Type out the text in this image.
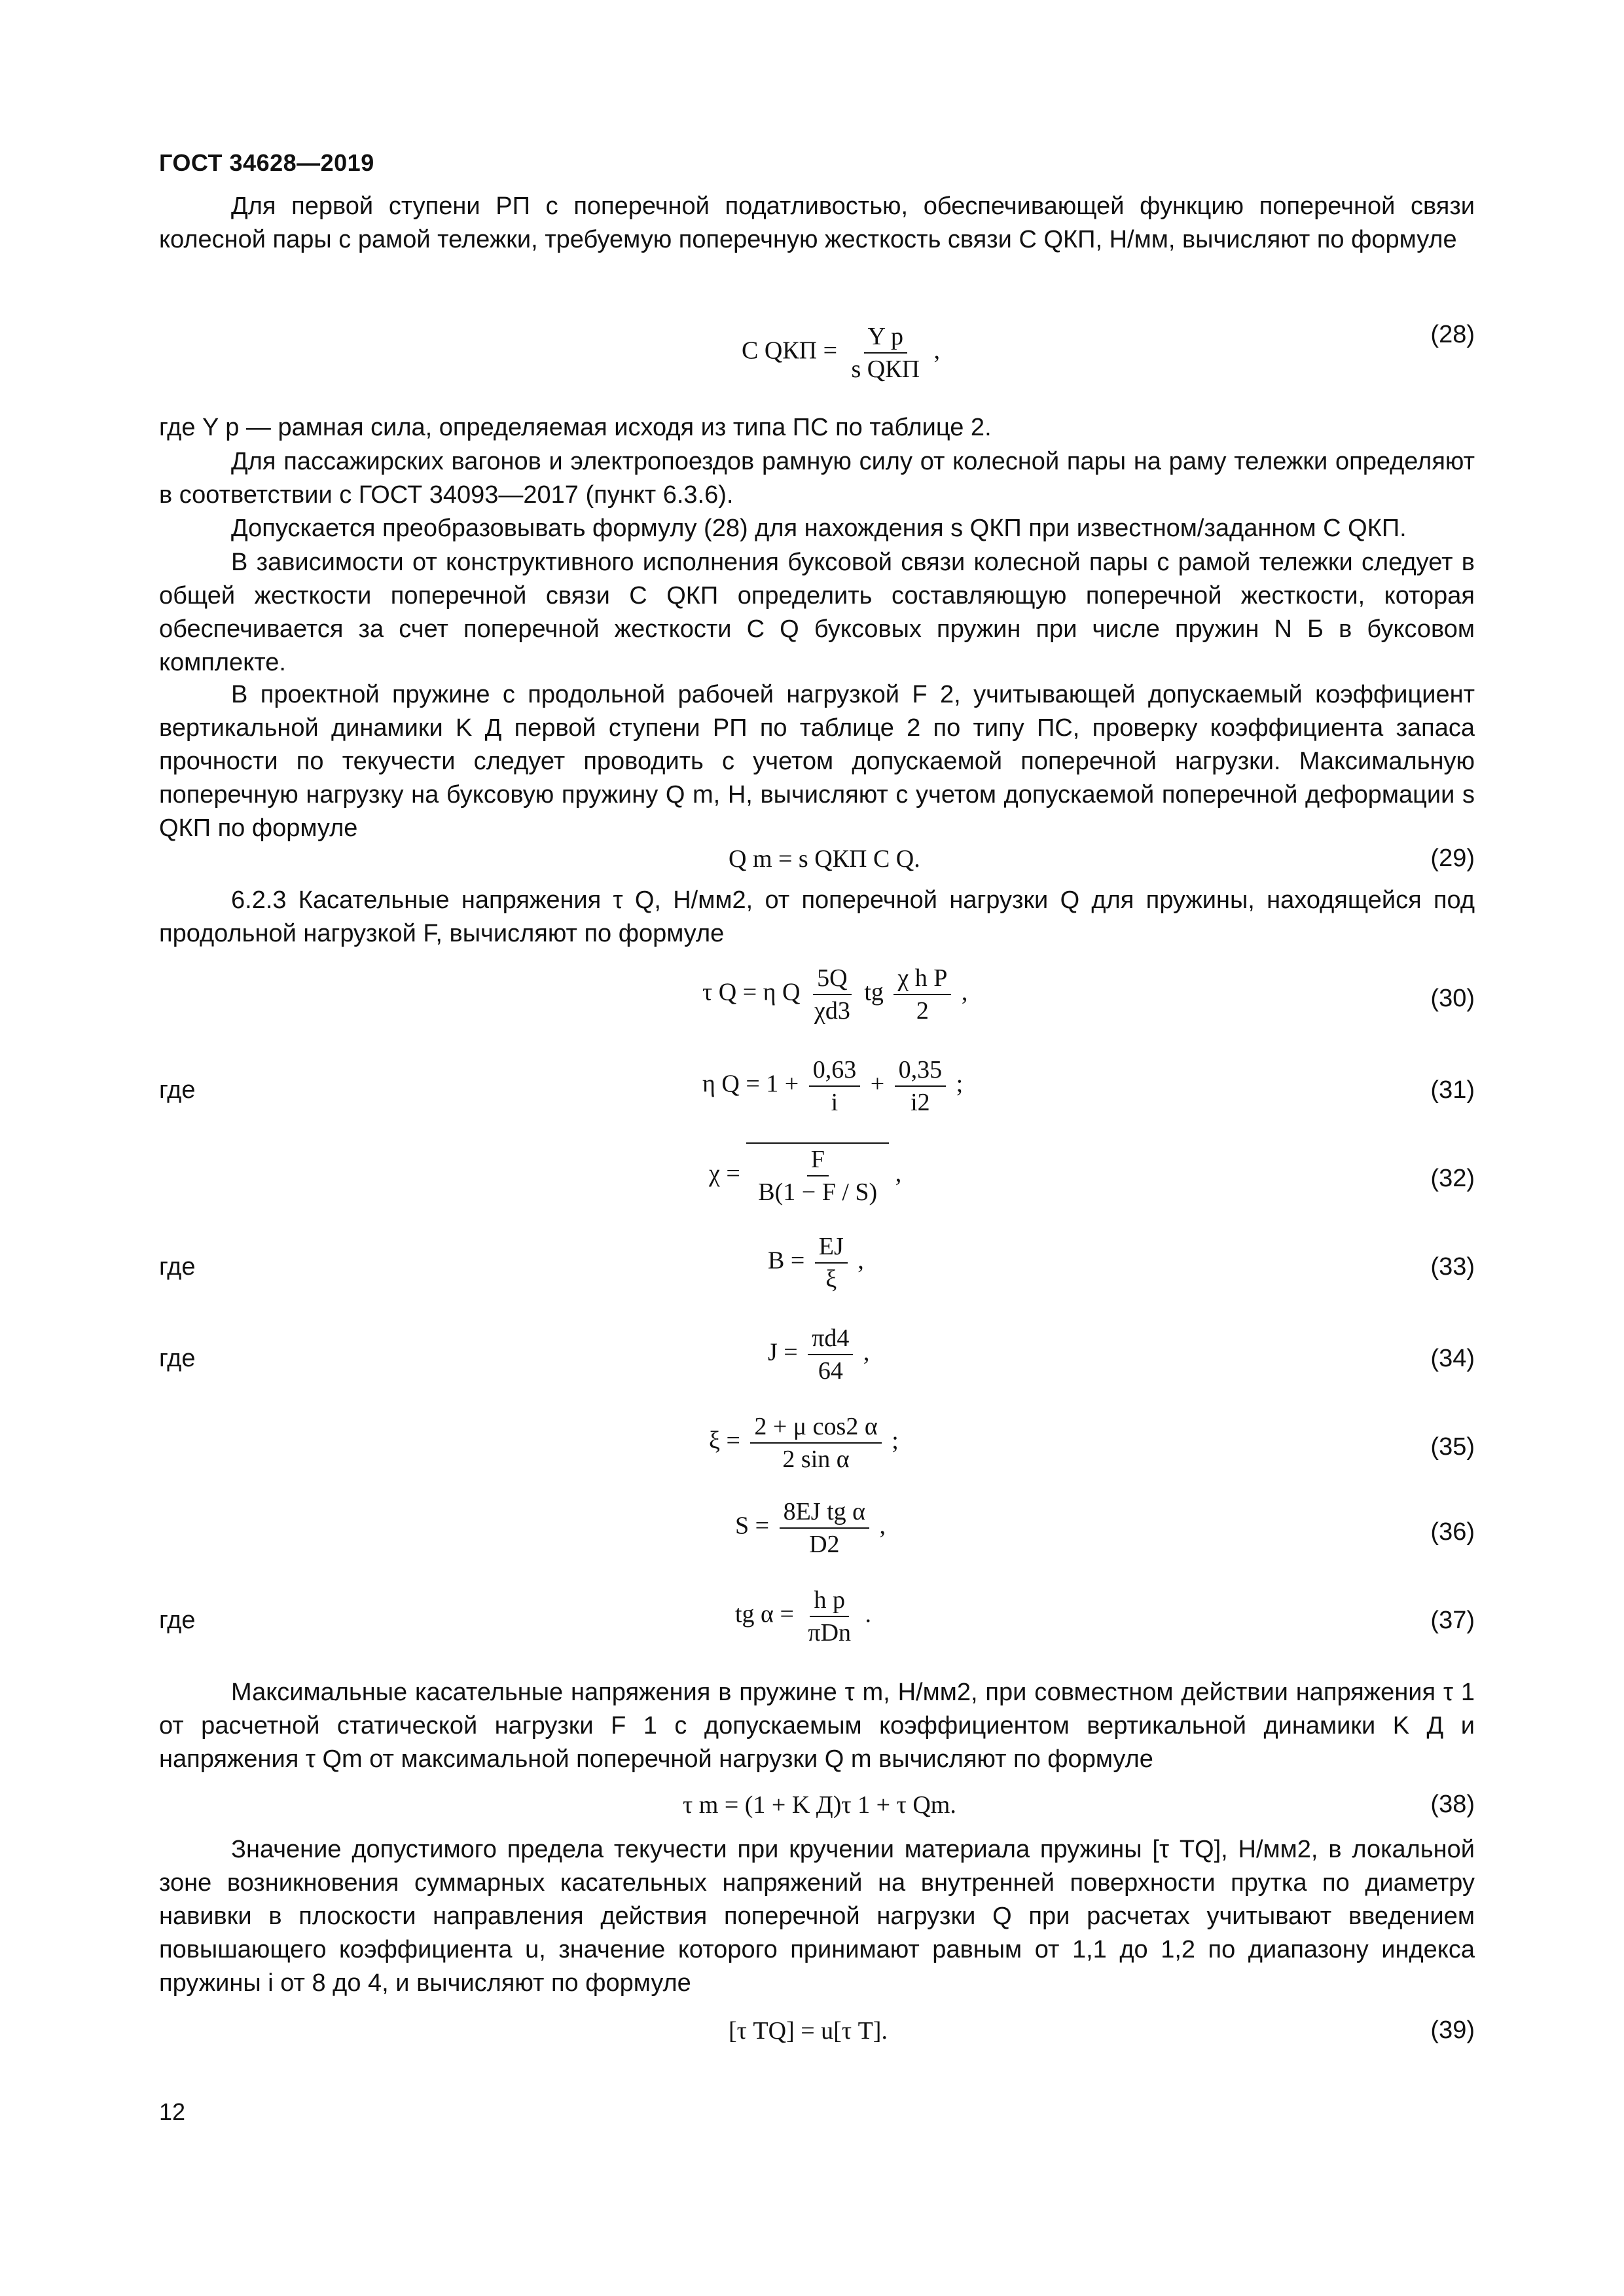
ГОСТ 34628—2019

Для первой ступени РП с поперечной податливостью, обеспечивающей функцию поперечной связи колесной пары с рамой тележки, требуемую поперечную жесткость связи C QКП, Н/мм, вычисляют по формуле

C QКП =
Y р
s QКП
,
(28)

где Y р — рамная сила, определяемая исходя из типа ПС по таблице 2.

Для пассажирских вагонов и электропоездов рамную силу от колесной пары на раму тележки определяют в соответствии с ГОСТ 34093—2017 (пункт 6.3.6).

Допускается преобразовывать формулу (28) для нахождения s QКП при известном/заданном C QКП.

В зависимости от конструктивного исполнения буксовой связи колесной пары с рамой тележки следует в общей жесткости поперечной связи C QКП определить составляющую поперечной жесткости, которая обеспечивается за счет поперечной жесткости C Q буксовых пружин при числе пружин N Б в буксовом комплекте.

В проектной пружине с продольной рабочей нагрузкой F 2, учитывающей допускаемый коэффициент вертикальной динамики K Д первой ступени РП по таблице 2 по типу ПС, проверку коэффициента запаса прочности по текучести следует проводить с учетом допускаемой поперечной нагрузки. Максимальную поперечную нагрузку на буксовую пружину Q m, Н, вычисляют с учетом допускаемой поперечной деформации s QКП по формуле

Q m = s QКП C Q.	(29)

6.2.3 Касательные напряжения τ Q, Н/мм2, от поперечной нагрузки Q для пружины, находящейся под продольной нагрузкой F, вычисляют по формуле

τ Q = η Q $\frac{5Q}{\chi d3}$ tg $\frac{\text{χ h P}}{2}$ ,	(30)
где	η $Q = 1 + \frac{0,63}{i} + \frac{0,35}{i2}$ ;	(31)
$\chi = \frac{F}{B(1 - F / S)}$ ,	(32)
где	$B = \frac{EJ}{\xi}$ ,	(33)
где	$J = \frac{\pi d4}{64}$ ,	(34)
$\xi = \frac{\text{2 + μ cos2 α}}{\text{2 sin α}}$ ;	(35)
$S = \frac{\text{8EJ tg α}}{D2}$ ,	(36)
где	tg α =
h р
πDn
.	(37)

Максимальные касательные напряжения в пружине τ m, Н/мм2, при совместном действии напряжения τ 1 от расчетной статической нагрузки F 1 с допускаемым коэффициентом вертикальной динамики K Д и напряжения τ Qm от максимальной поперечной нагрузки Q m вычисляют по формуле

τ m = (1 + K Д)τ 1 + τ Qm.	(38)

Значение допустимого предела текучести при кручении материала пружины [τ TQ], Н/мм2, в локальной зоне возникновения суммарных касательных напряжений на внутренней поверхности прутка по диаметру навивки в плоскости направления действия поперечной нагрузки Q при расчетах учитывают введением повышающего коэффициента u, значение которого принимают равным от 1,1 до 1,2 по диапазону индекса пружины i от 8 до 4, и вычисляют по формуле

[τ TQ] = u[τ Т].	(39)
12
